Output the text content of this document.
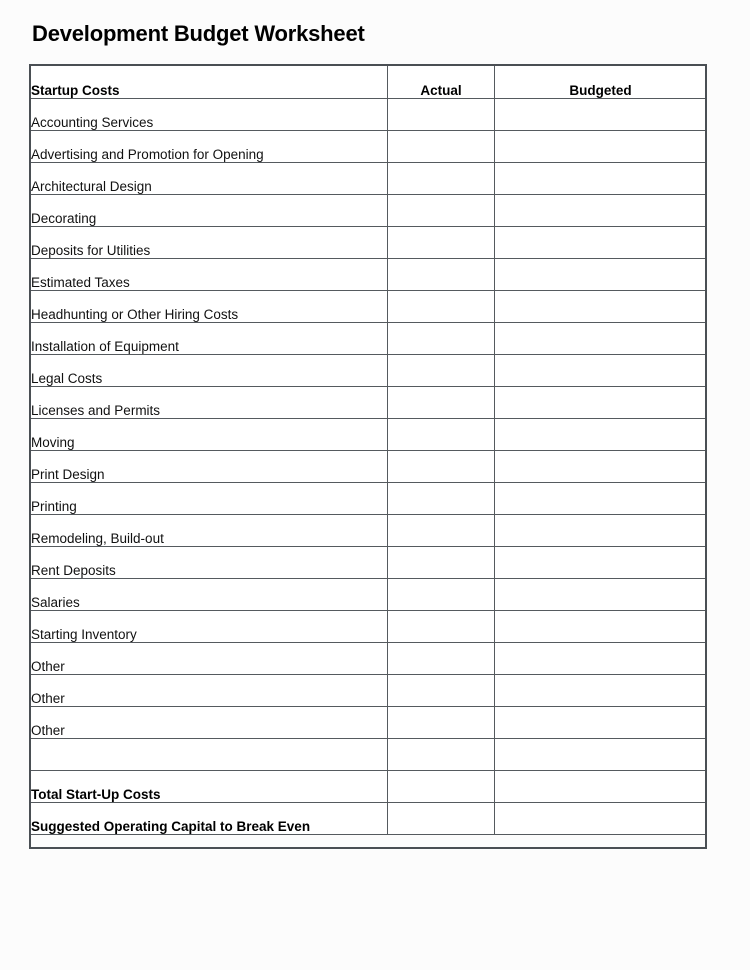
Development Budget Worksheet
Startup Costs	Actual	Budgeted
Accounting Services		
Advertising and Promotion for Opening		
Architectural Design		
Decorating		
Deposits for Utilities		
Estimated Taxes		
Headhunting or Other Hiring Costs		
Installation of Equipment		
Legal Costs		
Licenses and Permits		
Moving		
Print Design		
Printing		
Remodeling, Build-out		
Rent Deposits		
Salaries		
Starting Inventory		
Other		
Other		
Other		

Total Start-Up Costs		
Suggested Operating Capital to Break Even		
